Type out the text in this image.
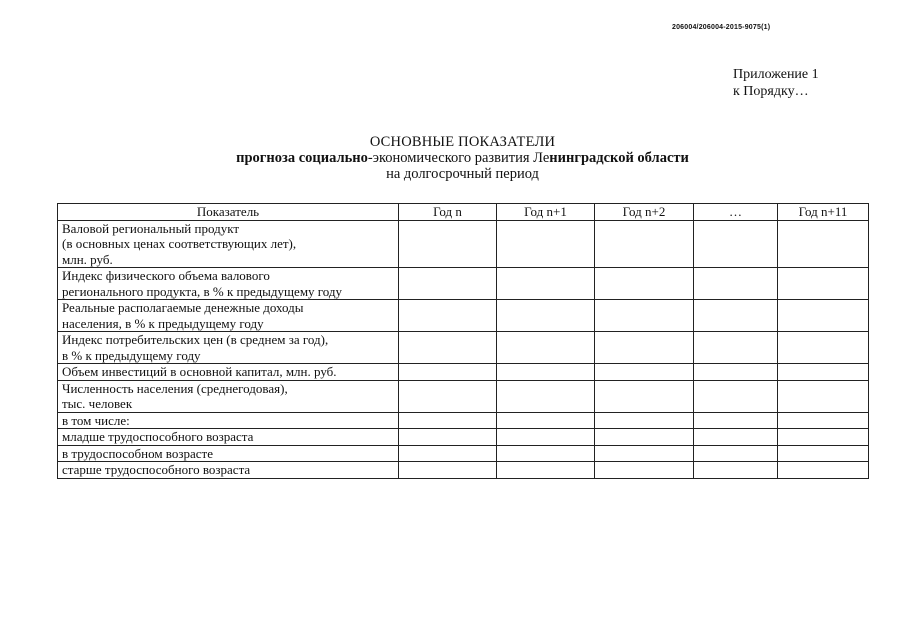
206004/206004-2015-9075(1)
Приложение 1
к Порядку…
ОСНОВНЫЕ ПОКАЗАТЕЛИ
прогноза социально-экономического развития Ленинградской области
на долгосрочный период
Показатель	Год n	Год n+1	Год n+2	…	Год n+11

Валовой региональный продукт
(в основных ценах соответствующих лет),
млн. руб.					

Индекс физического объема валового
регионального продукта, в % к предыдущему году					

Реальные располагаемые денежные доходы
населения, в % к предыдущему году					

Индекс потребительских цен (в среднем за год),
в % к предыдущему году					

Объем инвестиций в основной капитал, млн. руб.					

Численность населения (среднегодовая),
тыс. человек					

в том числе:					

младше трудоспособного возраста					

в трудоспособном возрасте					

старше трудоспособного возраста					
